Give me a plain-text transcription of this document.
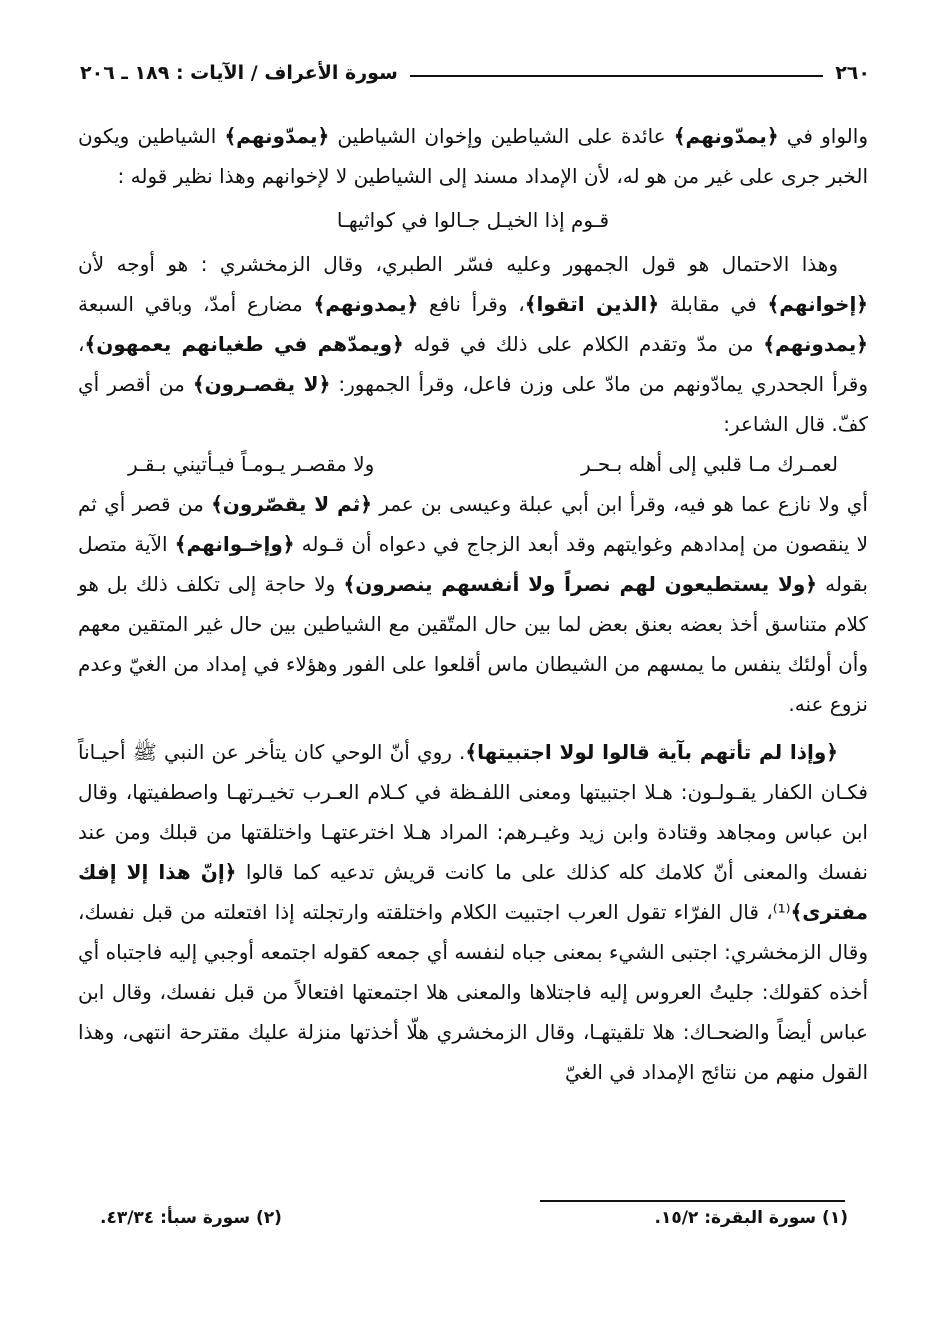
٢٦٠
سورة الأعراف / الآيات : ١٨٩ ـ ٢٠٦

والواو في ﴿يمدّونهم﴾ عائدة على الشياطين وإخوان الشياطين ﴿يمدّونهم﴾ الشياطين ويكون الخبر جرى على غير من هو له، لأن الإمداد مسند إلى الشياطين لا لإخوانهم وهذا نظير قوله :

قـوم إذا الخيـل جـالوا في كواثيهـا

وهذا الاحتمال هو قول الجمهور وعليه فسّر الطبري، وقال الزمخشري : هو أوجه لأن ﴿إخوانهم﴾ في مقابلة ﴿الذين اتقوا﴾، وقرأ نافع ﴿يمدونهم﴾ مضارع أمدّ، وباقي السبعة ﴿يمدونهم﴾ من مدّ وتقدم الكلام على ذلك في قوله ﴿ويمدّهم في طغيانهم يعمهون﴾، وقرأ الجحدري يمادّونهم من مادّ على وزن فاعل، وقرأ الجمهور: ﴿لا يقصـرون﴾ من أقصر أي كفّ. قال الشاعر:

لعمـرك مـا قلبي إلى أهله بـحـر
ولا مقصـر يـومـاً فيـأتيني بـقـر

أي ولا نازع عما هو فيه، وقرأ ابن أبي عبلة وعيسى بن عمر ﴿ثم لا يقصّرون﴾ من قصر أي ثم لا ينقصون من إمدادهم وغوايتهم وقد أبعد الزجاج في دعواه أن قـوله ﴿وإخـوانهم﴾ الآية متصل بقوله ﴿ولا يستطيعون لهم نصراً ولا أنفسهم ينصرون﴾ ولا حاجة إلى تكلف ذلك بل هو كلام متناسق أخذ بعضه بعنق بعض لما بين حال المتّقين مع الشياطين بين حال غير المتقين معهم وأن أولئك ينفس ما يمسهم من الشيطان ماس أقلعوا على الفور وهؤلاء في إمداد من الغيّ وعدم نزوع عنه.

﴿وإذا لم تأتهم بآية قالوا لولا اجتبيتها﴾. روي أنّ الوحي كان يتأخر عن النبي ﷺ أحيـاناً فكـان الكفار يقـولـون: هـلا اجتبيتها ومعنى اللفـظة في كـلام العـرب تخيـرتهـا واصطفيتها، وقال ابن عباس ومجاهد وقتادة وابن زيد وغيـرهم: المراد هـلا اخترعتهـا واختلقتها من قبلك ومن عند نفسك والمعنى أنّ كلامك كله كذلك على ما كانت قريش تدعيه كما قالوا ﴿إنّ هذا إلا إفك مفترى﴾⁽¹⁾، قال الفرّاء تقول العرب اجتبيت الكلام واختلقته وارتجلته إذا افتعلته من قبل نفسك، وقال الزمخشري: اجتبى الشيء بمعنى جباه لنفسه أي جمعه كقوله اجتمعه أوجبي إليه فاجتباه أي أخذه كقولك: جليتُ العروس إليه فاجتلاها والمعنى هلا اجتمعتها افتعالاً من قبل نفسك، وقال ابن عباس أيضاً والضحـاك: هلا تلقيتهـا، وقال الزمخشري هلّا أخذتها منزلة عليك مقترحة انتهى، وهذا القول منهم من نتائج الإمداد في الغيّ

(١) سورة البقرة: ١٥/٢.
(٢) سورة سبأ: ٤٣/٣٤.
